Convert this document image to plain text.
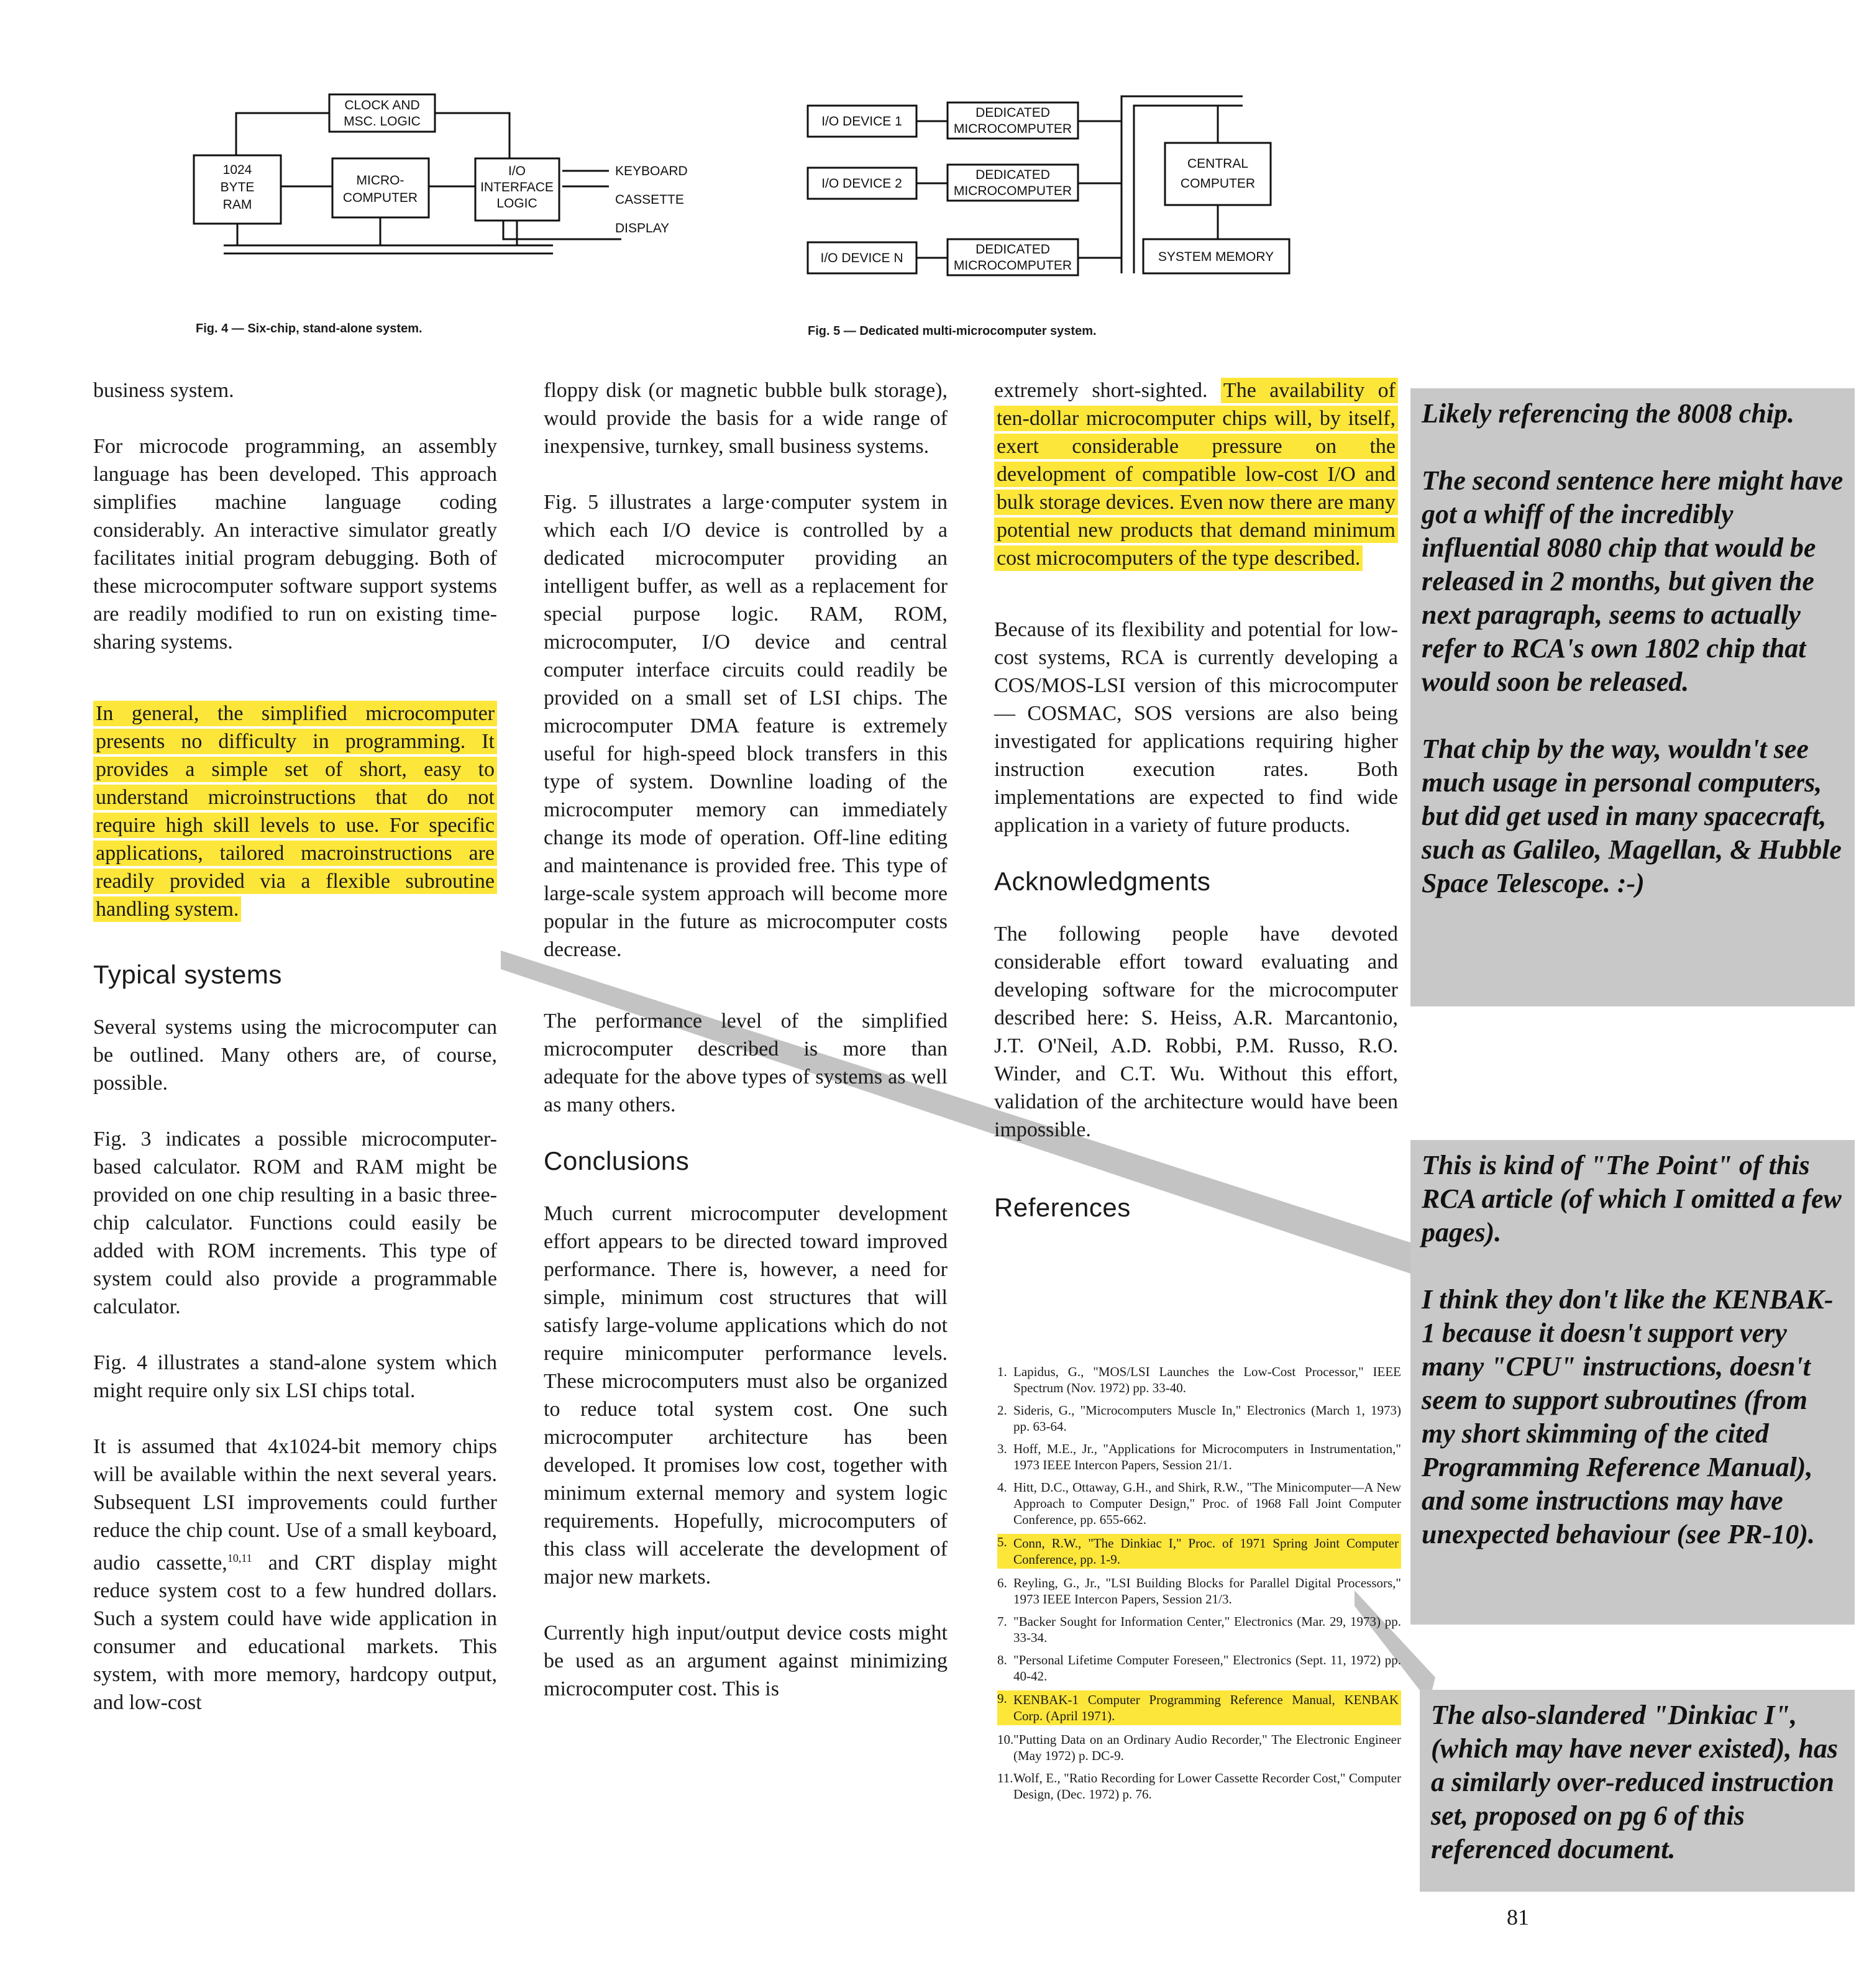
CLOCK AND
MSC. LOGIC
1024
BYTE
RAM
MICRO-
COMPUTER
I/O
INTERFACE
LOGIC
KEYBOARD
CASSETTE
DISPLAY
Fig. 4 — Six-chip, stand-alone system.
I/O DEVICE 1
I/O DEVICE 2
I/O DEVICE N
DEDICATED
MICROCOMPUTER
DEDICATED
MICROCOMPUTER
DEDICATED
MICROCOMPUTER
CENTRAL
COMPUTER
SYSTEM MEMORY
Fig. 5 — Dedicated multi-microcomputer system.

business system.

For microcode programming, an assembly language has been developed. This approach simplifies machine language coding considerably. An interactive simulator greatly facilitates initial program debugging. Both of these microcomputer software support systems are readily modified to run on existing time-sharing systems.

In general, the simplified microcomputer presents no difficulty in programming. It provides a simple set of short, easy to understand microinstructions that do not require high skill levels to use. For specific applications, tailored macroinstructions are readily provided via a flexible subroutine handling system.

Typical systems

Several systems using the microcomputer can be outlined. Many others are, of course, possible.

Fig. 3 indicates a possible microcomputer-based calculator. ROM and RAM might be provided on one chip resulting in a basic three-chip calculator. Functions could easily be added with ROM increments. This type of system could also provide a programmable calculator.

Fig. 4 illustrates a stand-alone system which might require only six LSI chips total.

It is assumed that 4x1024-bit memory chips will be available within the next several years. Subsequent LSI improvements could further reduce the chip count. Use of a small keyboard, audio cassette,$^{10,11}$ and CRT display might reduce system cost to a few hundred dollars. Such a system could have wide application in consumer and educational markets. This system, with more memory, hardcopy output, and low-cost

floppy disk (or magnetic bubble bulk storage), would provide the basis for a wide range of inexpensive, turnkey, small business systems.

Fig. 5 illustrates a large·computer system in which each I/O device is controlled by a dedicated microcomputer providing an intelligent buffer, as well as a replacement for special purpose logic. RAM, ROM, microcomputer, I/O device and central computer interface circuits could readily be provided on a small set of LSI chips. The microcomputer DMA feature is extremely useful for high-speed block transfers in this type of system. Downline loading of the microcomputer memory can immediately change its mode of operation. Off-line editing and maintenance is provided free. This type of large-scale system approach will become more popular in the future as microcomputer costs decrease.

The performance level of the simplified microcomputer described is more than adequate for the above types of systems as well as many others.

Conclusions

Much current microcomputer development effort appears to be directed toward improved performance. There is, however, a need for simple, minimum cost structures that will satisfy large-volume applications which do not require minicomputer performance levels. These microcomputers must also be organized to reduce total system cost. One such microcomputer architecture has been developed. It promises low cost, together with minimum external memory and system logic requirements. Hopefully, microcomputers of this class will accelerate the development of major new markets.

Currently high input/output device costs might be used as an argument against minimizing microcomputer cost. This is

extremely short-sighted. The availability of ten-dollar microcomputer chips will, by itself, exert considerable pressure on the development of compatible low-cost I/O and bulk storage devices. Even now there are many potential new products that demand minimum cost microcomputers of the type described.

Because of its flexibility and potential for low-cost systems, RCA is currently developing a COS/MOS-LSI version of this microcomputer — COSMAC, SOS versions are also being investigated for applications requiring higher instruction execution rates. Both implementations are expected to find wide application in a variety of future products.

Acknowledgments

The following people have devoted considerable effort toward evaluating and developing software for the microcomputer described here: S. Heiss, A.R. Marcantonio, J.T. O'Neil, A.D. Robbi, P.M. Russo, R.O. Winder, and C.T. Wu. Without this effort, validation of the architecture would have been impossible.

References
1. Lapidus, G., "MOS/LSI Launches the Low-Cost Processor," IEEE Spectrum (Nov. 1972) pp. 33-40.
2. Sideris, G., "Microcomputers Muscle In," Electronics (March 1, 1973) pp. 63-64.
3. Hoff, M.E., Jr., "Applications for Microcomputers in Instrumentation," 1973 IEEE Intercon Papers, Session 21/1.
4. Hitt, D.C., Ottaway, G.H., and Shirk, R.W., "The Minicomputer—A New Approach to Computer Design," Proc. of 1968 Fall Joint Computer Conference, pp. 655-662.
5. Conn, R.W., "The Dinkiac I," Proc. of 1971 Spring Joint Computer Conference, pp. 1-9.
6. Reyling, G., Jr., "LSI Building Blocks for Parallel Digital Processors," 1973 IEEE Intercon Papers, Session 21/3.
7. "Backer Sought for Information Center," Electronics (Mar. 29, 1973) pp. 33-34.
8. "Personal Lifetime Computer Foreseen," Electronics (Sept. 11, 1972) pp. 40-42.
9. KENBAK-1 Computer Programming Reference Manual, KENBAK Corp. (April 1971).
10. "Putting Data on an Ordinary Audio Recorder," The Electronic Engineer (May 1972) p. DC-9.
11. Wolf, E., "Ratio Recording for Lower Cassette Recorder Cost," Computer Design, (Dec. 1972) p. 76.

Likely referencing the 8008 chip.

The second sentence here might have got a whiff of the incredibly influential 8080 chip that would be released in 2 months, but given the next paragraph, seems to actually refer to RCA's own 1802 chip that would soon be released.

That chip by the way, wouldn't see much usage in personal computers, but did get used in many spacecraft, such as Galileo, Magellan, & Hubble Space Telescope. :-)

This is kind of "The Point" of this RCA article (of which I omitted a few pages).

I think they don't like the KENBAK-1 because it doesn't support very many "CPU" instructions, doesn't seem to support subroutines (from my short skimming of the cited Programming Reference Manual), and some instructions may have unexpected behaviour (see PR-10).

The also-slandered "Dinkiac I", (which may have never existed), has a similarly over-reduced instruction set, proposed on pg 6 of this referenced document.

81
